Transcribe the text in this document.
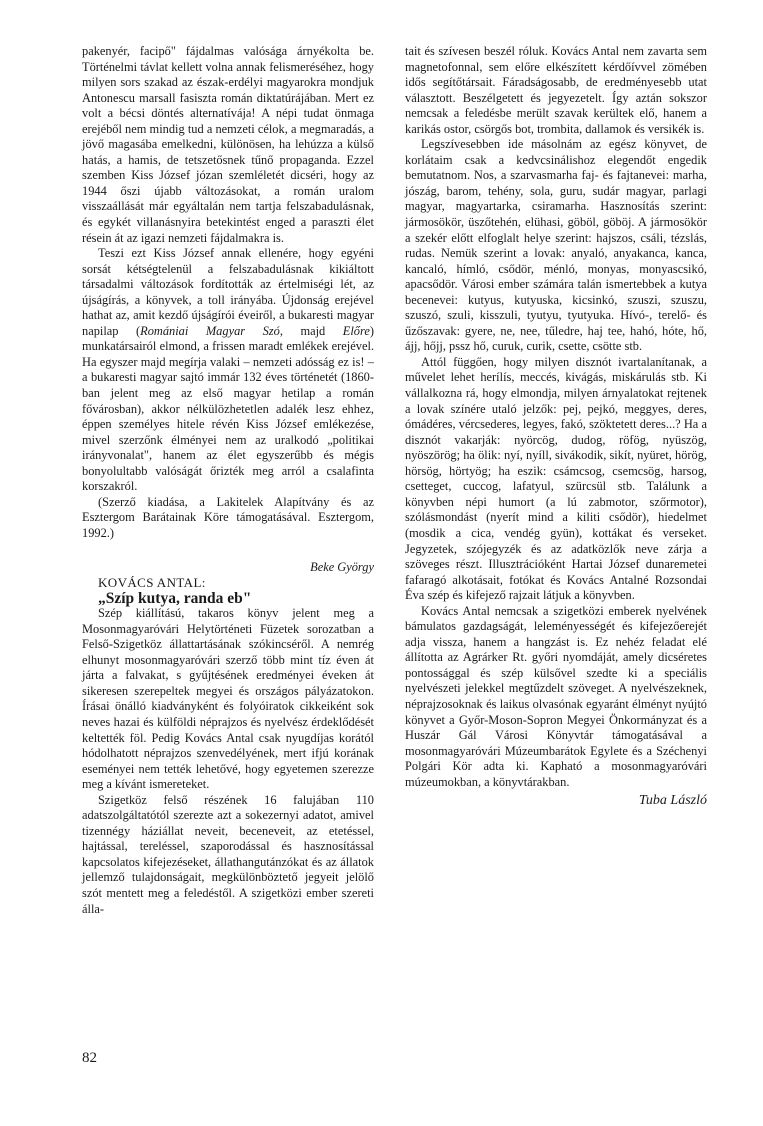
pakenyér, facipő" fájdalmas valósága árnyékolta be. Történelmi távlat kellett volna annak felismeréséhez, hogy milyen sors szakad az észak-erdélyi magyarokra mondjuk Antonescu marsall fasiszta román diktatúrájában. Mert ez volt a bécsi döntés alternatívája! A népi tudat önmaga erejéből nem mindig tud a nemzeti célok, a megmaradás, a jövő magasába emelkedni, különösen, ha lehúzza a külső hatás, a hamis, de tetszetősnek tűnő propaganda. Ezzel szemben Kiss József józan szemléletét dicséri, hogy az 1944 őszi újabb változásokat, a román uralom visszaállását már egyáltalán nem tartja felszabadulásnak, és egykét villanásnyira betekintést enged a paraszti élet résein át az igazi nemzeti fájdalmakra is.

Teszi ezt Kiss József annak ellenére, hogy egyéni sorsát kétségtelenül a felszabadulásnak kikiáltott társadalmi változások fordították az értelmiségi lét, az újságírás, a könyvek, a toll irányába. Újdonság erejével hathat az, amit kezdő újságírói éveiről, a bukaresti magyar napilap (Romániai Magyar Szó, majd Előre) munkatársairól elmond, a frissen maradt emlékek erejével. Ha egyszer majd megírja valaki – nemzeti adósság ez is! – a bukaresti magyar sajtó immár 132 éves történetét (1860-ban jelent meg az első magyar hetilap a román fővárosban), akkor nélkülözhetetlen adalék lesz ehhez, éppen személyes hitele révén Kiss József emlékezése, mivel szerzőnk élményei nem az uralkodó „politikai irányvonalat", hanem az élet egyszerűbb és mégis bonyolultabb valóságát őrizték meg arról a csalafinta korszakról.

(Szerző kiadása, a Lakitelek Alapítvány és az Esztergom Barátainak Köre támogatásával. Esztergom, 1992.)

Beke György

KOVÁCS ANTAL:

„Szíp kutya, randa eb"

Szép kiállítású, takaros könyv jelent meg a Mosonmagyaróvári Helytörténeti Füzetek sorozatban a Felső-Szigetköz állattartásának szókincséről. A nemrég elhunyt mosonmagyaróvári szerző több mint tíz éven át járta a falvakat, s gyűjtésének eredményei éveken át sikeresen szerepeltek megyei és országos pályázatokon. Írásai önálló kiadványként és folyóiratok cikkeiként sok neves hazai és külföldi néprajzos és nyelvész érdeklődését keltették föl. Pedig Kovács Antal csak nyugdíjas korától hódolhatott néprajzos szenvedélyének, mert ifjú korának eseményei nem tették lehetővé, hogy egyetemen szerezze meg a kívánt ismereteket.

Szigetköz felső részének 16 falujában 110 adatszolgáltatótól szerezte azt a sokezernyi adatot, amivel tizennégy háziállat neveit, beceneveit, az etetéssel, hajtással, tereléssel, szaporodással és hasznosítással kapcsolatos kifejezéseket, állathangutánzókat és az állatok jellemző tulajdonságait, megkülönböztető jegyeit jelölő szót mentett meg a feledéstől. A szigetközi ember szereti álla-

tait és szívesen beszél róluk. Kovács Antal nem zavarta sem magnetofonnal, sem előre elkészített kérdőívvel zömében idős segítőtársait. Fáradságosabb, de eredményesebb utat választott. Beszélgetett és jegyezetelt. Így aztán sokszor nemcsak a feledésbe merült szavak kerültek elő, hanem a karikás ostor, csörgős bot, trombita, dallamok és versikék is.

Legszívesebben ide másolnám az egész könyvet, de korlátaim csak a kedvcsinálishoz elegendőt engedik bemutatnom. Nos, a szarvasmarha faj- és fajtanevei: marha, jószág, barom, tehény, sola, guru, sudár magyar, parlagi magyar, magyartarka, csiramarha. Hasznosítás szerint: jármosökör, üszőtehén, elühasi, göböl, göböj. A jármosökör a szekér előtt elfoglalt helye szerint: hajszos, csáli, tézslás, rudas. Nemük szerint a lovak: anyaló, anyakanca, kanca, kancaló, hímló, csődör, ménló, monyas, monyascsikó, apacsődör. Városi ember számára talán ismertebbek a kutya becenevei: kutyus, kutyuska, kicsinkó, szuszi, szuszu, szuszó, szuli, kisszuli, tyutyu, tyutyuka. Hívó-, terelő- és űzőszavak: gyere, ne, nee, tűledre, haj tee, hahó, hóte, hő, ájj, hőjj, pssz hő, curuk, curik, csette, csötte stb.

Attól függően, hogy milyen disznót ivartalanítanak, a művelet lehet herílís, meccés, kivágás, miskárulás stb. Ki vállalkozna rá, hogy elmondja, milyen árnyalatokat rejtenek a lovak színére utaló jelzők: pej, pejkó, meggyes, deres, ómádéres, vércsederes, legyes, fakó, szöktetett deres...? Ha a disznót vakarják: nyörcög, dudog, röfög, nyüszög, nyöszörög; ha ölik: nyí, nyíll, sivákodik, sikít, nyüret, hörög, hörsög, hörtyög; ha eszik: csámcsog, csemcsög, harsog, csetteget, cuccog, lafatyul, szürcsül stb. Találunk a könyvben népi humort (a lú zabmotor, szőrmotor), szólásmondást (nyerít mind a kiliti csődör), hiedelmet (mosdik a cica, vendég gyün), kottákat és verseket. Jegyzetek, szójegyzék és az adatközlők neve zárja a szöveges részt. Illusztrációként Hartai József dunaremetei fafaragó alkotásait, fotókat és Kovács Antalné Rozsondai Éva szép és kifejező rajzait látjuk a könyvben.

Kovács Antal nemcsak a szigetközi emberek nyelvének bámulatos gazdagságát, leleményességét és kifejezőerejét adja vissza, hanem a hangzást is. Ez nehéz feladat elé állította az Agrárker Rt. győri nyomdáját, amely dicséretes pontossággal és szép külsővel szedte ki a speciális nyelvészeti jelekkel megtűzdelt szöveget. A nyelvészeknek, néprajzosoknak és laikus olvasónak egyaránt élményt nyújtó könyvet a Győr-Moson-Sopron Megyei Önkormányzat és a Huszár Gál Városi Könyvtár támogatásával a mosonmagyaróvári Múzeumbarátok Egylete és a Széchenyi Polgári Kör adta ki. Kapható a mosonmagyaróvári múzeumokban, a könyvtárakban.

Tuba László

82
